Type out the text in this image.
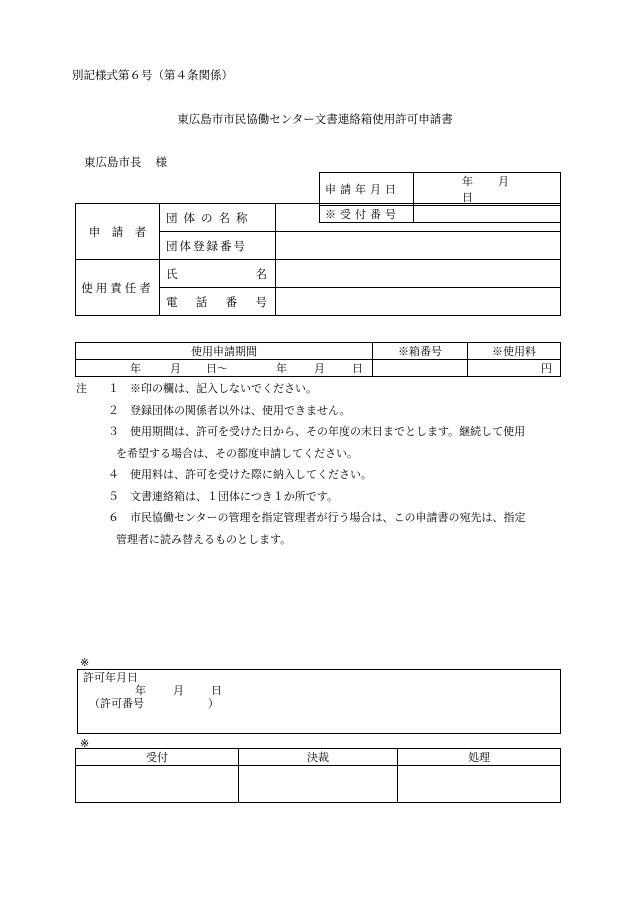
別記様式第６号（第４条関係）
東広島市市民協働センター文書連絡箱使用許可申請書
東広島市長 様
申請年月日	年 月日
※受付番号	
申　請　者	団体の名称	
	団体登録番号	
使用責任者	氏 名	

	電 話 番 号	

使用申請期間	※箱番号	※使用料
年 月 日～ 年 月 日		円
注 １ ※印の欄は、記入しないでください。
２ 登録団体の関係者以外は、使用できません。
３ 使用期間は、許可を受けた日から、その年度の末日までとします。継続して使用
を希望する場合は、その都度申請してください。
４ 使用料は、許可を受けた際に納入してください。
５ 文書連絡箱は、１団体につき１か所です。
６ 市民協働センターの管理を指定管理者が行う場合は、この申請書の宛先は、指定
管理者に読み替えるものとします。
※
許可年月日
年 月 日
（許可番号	）
※
受付	決裁	処理
